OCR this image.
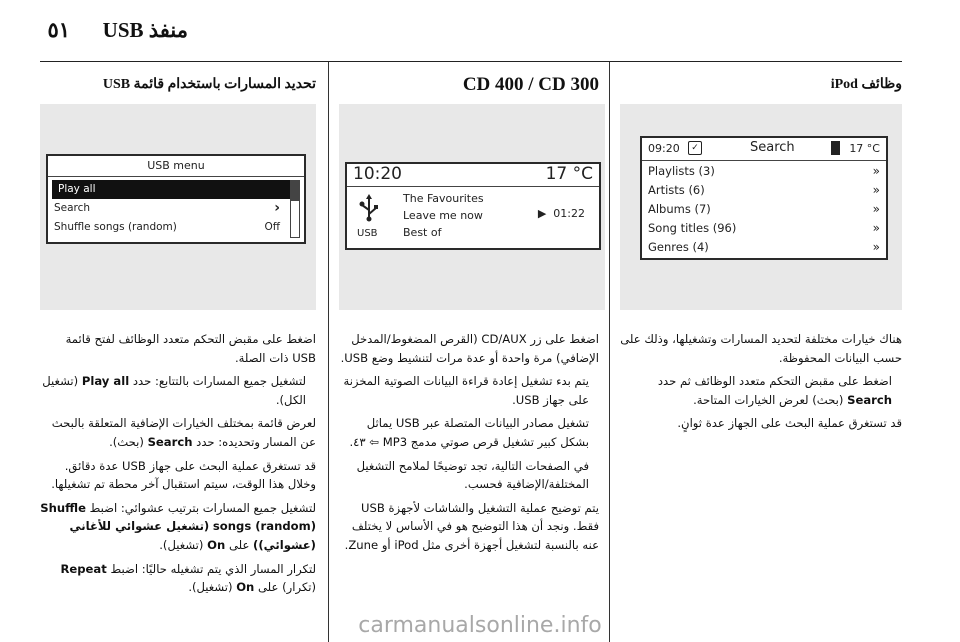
منفذ USB
٥١
وظائف iPod
09:20	✓	Search	17 °C
Playlists (3)	»
Artists (6)	»
Albums (7)	»
Song titles (96)	»
Genres (4)	»

هناك خيارات مختلفة لتحديد المسارات وتشغيلها، وذلك على حسب البيانات المحفوظة.

اضغط على مقبض التحكم متعدد الوظائف ثم حدد Search (بحث) لعرض الخيارات المتاحة.

قد تستغرق عملية البحث على الجهاز عدة ثوانٍ.

CD 400 / CD 300
10:20	17 °C
USB
The Favourites
Leave me now
Best of
▶ 01:22

اضغط على زر CD/AUX (القرص المضغوط/المدخل الإضافي) مرة واحدة أو عدة مرات لتنشيط وضع USB.

يتم بدء تشغيل إعادة قراءة البيانات الصوتية المخزنة على جهاز USB.

تشغيل مصادر البيانات المتصلة عبر USB يماثل بشكل كبير تشغيل قرص صوتي مدمج MP3 ⇦ ٤٣.

في الصفحات التالية، تجد توضيحًا لملامح التشغيل المختلفة/الإضافية فحسب.

يتم توضيح عملية التشغيل والشاشات لأجهزة USB فقط. ونجد أن هذا التوضيح هو في الأساس لا يختلف عنه بالنسبة لتشغيل أجهزة أخرى مثل iPod أو Zune.

تحديد المسارات باستخدام قائمة USB
USB menu
Play all
Search	›
Shuffle songs (random)	Off

اضغط على مقبض التحكم متعدد الوظائف لفتح قائمة USB ذات الصلة.

لتشغيل جميع المسارات بالتتابع: حدد Play all (تشغيل الكل).

لعرض قائمة بمختلف الخيارات الإضافية المتعلقة بالبحث عن المسار وتحديده: حدد Search (بحث).

قد تستغرق عملية البحث على جهاز USB عدة دقائق. وخلال هذا الوقت، سيتم استقبال آخر محطة تم تشغيلها.

لتشغيل جميع المسارات بترتيب عشوائي: اضبط Shuffle songs (random) (تشغيل عشوائي للأغاني (عشوائي)) على On (تشغيل).

لتكرار المسار الذي يتم تشغيله حاليًا: اضبط Repeat (تكرار) على On (تشغيل).

carmanualsonline.info
